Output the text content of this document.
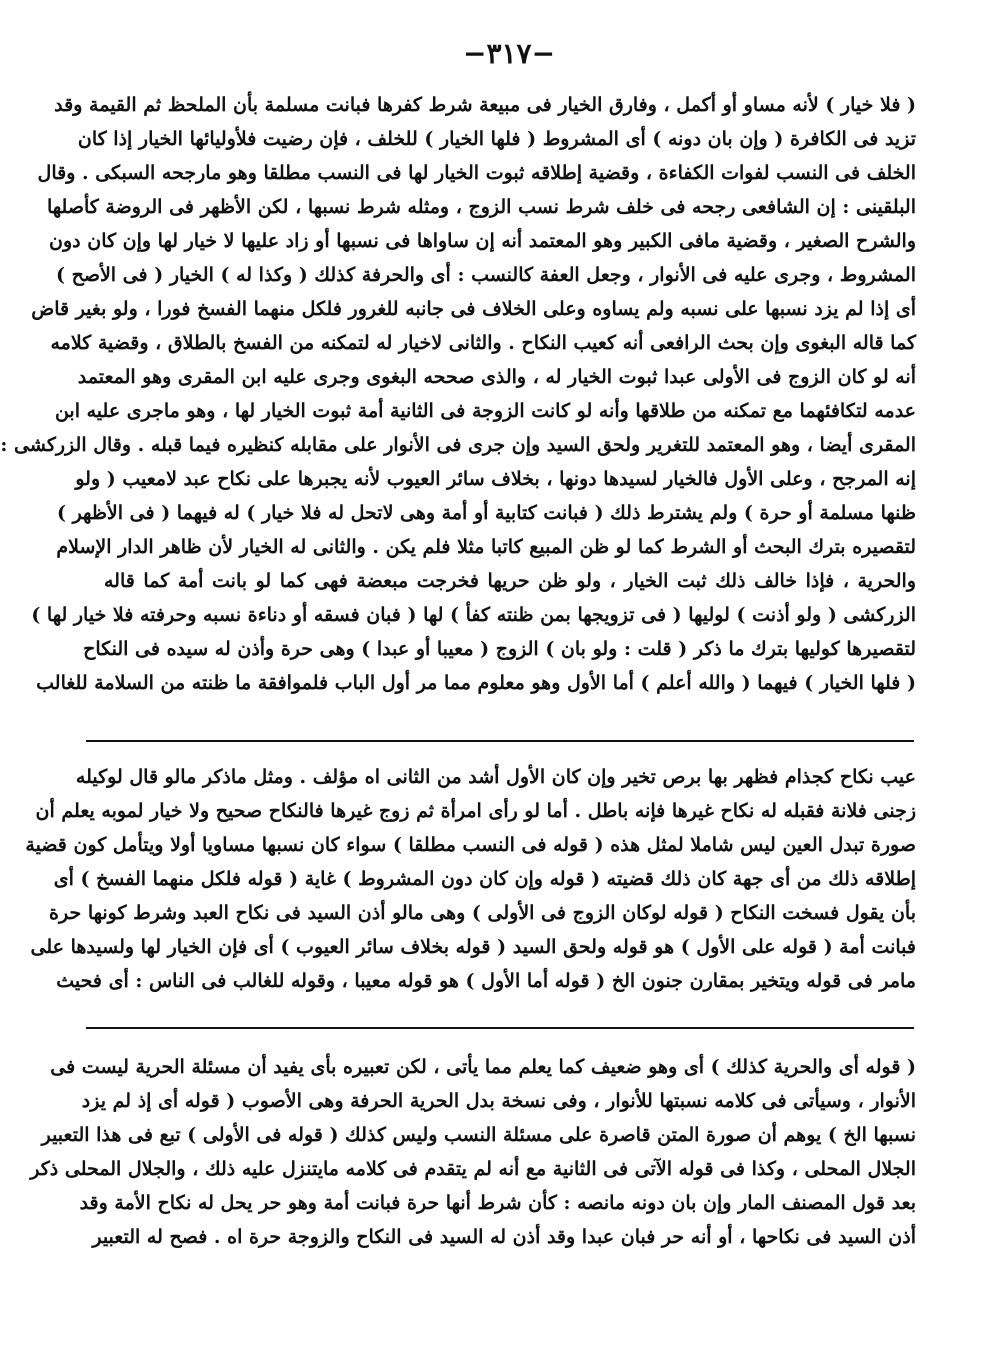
−٣١٧−
( فلا خيار ) لأنه مساو أو أكمل ، وفارق الخيار فى مبيعة شرط كفرها فبانت مسلمة بأن الملحظ ثم القيمة وقد
تزيد فى الكافرة ( وإن بان دونه ) أى المشروط ( فلها الخيار ) للخلف ، فإن رضيت فلأوليائها الخيار إذا كان
الخلف فى النسب لفوات الكفاءة ، وقضية إطلاقه ثبوت الخيار لها فى النسب مطلقا وهو مارجحه السبكى . وقال
البلقينى : إن الشافعى رجحه فى خلف شرط نسب الزوج ، ومثله شرط نسبها ، لكن الأظهر فى الروضة كأصلها
والشرح الصغير ، وقضية مافى الكبير وهو المعتمد أنه إن ساواها فى نسبها أو زاد عليها لا خيار لها وإن كان دون
المشروط ، وجرى عليه فى الأنوار ، وجعل العفة كالنسب : أى والحرفة كذلك ( وكذا له ) الخيار ( فى الأصح )
أى إذا لم يزد نسبها على نسبه ولم يساوه وعلى الخلاف فى جانبه للغرور فلكل منهما الفسخ فورا ، ولو بغير قاض
كما قاله البغوى وإن بحث الرافعى أنه كعيب النكاح . والثانى لاخيار له لتمكنه من الفسخ بالطلاق ، وقضية كلامه
أنه لو كان الزوج فى الأولى عبدا ثبوت الخيار له ، والذى صححه البغوى وجرى عليه ابن المقرى وهو المعتمد
عدمه لتكافئهما مع تمكنه من طلاقها وأنه لو كانت الزوجة فى الثانية أمة ثبوت الخيار لها ، وهو ماجرى عليه ابن
المقرى أيضا ، وهو المعتمد للتغرير ولحق السيد وإن جرى فى الأنوار على مقابله كنظيره فيما قبله . وقال الزركشى :
إنه المرجح ، وعلى الأول فالخيار لسيدها دونها ، بخلاف سائر العيوب لأنه يجبرها على نكاح عبد لامعيب ( ولو
ظنها مسلمة أو حرة ) ولم يشترط ذلك ( فبانت كتابية أو أمة وهى لاتحل له فلا خيار ) له فيهما ( فى الأظهر )
لتقصيره بترك البحث أو الشرط كما لو ظن المبيع كاتبا مثلا فلم يكن . والثانى له الخيار لأن ظاهر الدار الإسلام
والحرية ، فإذا خالف ذلك ثبت الخيار ، ولو ظن حريها فخرجت مبعضة فهى كما لو بانت أمة كما قاله
الزركشى ( ولو أذنت ) لوليها ( فى تزويجها بمن ظنته كفأ ) لها ( فبان فسقه أو دناءة نسبه وحرفته فلا خيار لها )
لتقصيرها كوليها بترك ما ذكر ( قلت : ولو بان ) الزوج ( معيبا أو عبدا ) وهى حرة وأذن له سيده فى النكاح
( فلها الخيار ) فيهما ( والله أعلم ) أما الأول وهو معلوم مما مر أول الباب فلموافقة ما ظنته من السلامة للغالب
عيب نكاح كجذام فظهر بها برص تخير وإن كان الأول أشد من الثانى اه مؤلف . ومثل ماذكر مالو قال لوكيله
زجنى فلانة فقبله له نكاح غيرها فإنه باطل . أما لو رأى امرأة ثم زوج غيرها فالنكاح صحيح ولا خيار لموبه يعلم أن
صورة تبدل العين ليس شاملا لمثل هذه ( قوله فى النسب مطلقا ) سواء كان نسبها مساويا أولا ويتأمل كون قضية
إطلاقه ذلك من أى جهة كان ذلك قضيته ( قوله وإن كان دون المشروط ) غاية ( قوله فلكل منهما الفسخ ) أى
بأن يقول فسخت النكاح ( قوله لوكان الزوج فى الأولى ) وهى مالو أذن السيد فى نكاح العبد وشرط كونها حرة
فبانت أمة ( قوله على الأول ) هو قوله ولحق السيد ( قوله بخلاف سائر العيوب ) أى فإن الخيار لها ولسيدها على
مامر فى قوله ويتخير بمقارن جنون الخ ( قوله أما الأول ) هو قوله معيبا ، وقوله للغالب فى الناس : أى فحيث
( قوله أى والحرية كذلك ) أى وهو ضعيف كما يعلم مما يأتى ، لكن تعبيره بأى يفيد أن مسئلة الحرية ليست فى
الأنوار ، وسيأتى فى كلامه نسبتها للأنوار ، وفى نسخة بدل الحرية الحرفة وهى الأصوب ( قوله أى إذ لم يزد
نسبها الخ ) يوهم أن صورة المتن قاصرة على مسئلة النسب وليس كذلك ( قوله فى الأولى ) تبع فى هذا التعبير
الجلال المحلى ، وكذا فى قوله الآتى فى الثانية مع أنه لم يتقدم فى كلامه مايتنزل عليه ذلك ، والجلال المحلى ذكر
بعد قول المصنف المار وإن بان دونه مانصه : كأن شرط أنها حرة فبانت أمة وهو حر يحل له نكاح الأمة وقد
أذن السيد فى نكاحها ، أو أنه حر فبان عبدا وقد أذن له السيد فى النكاح والزوجة حرة اه . فصح له التعبير
